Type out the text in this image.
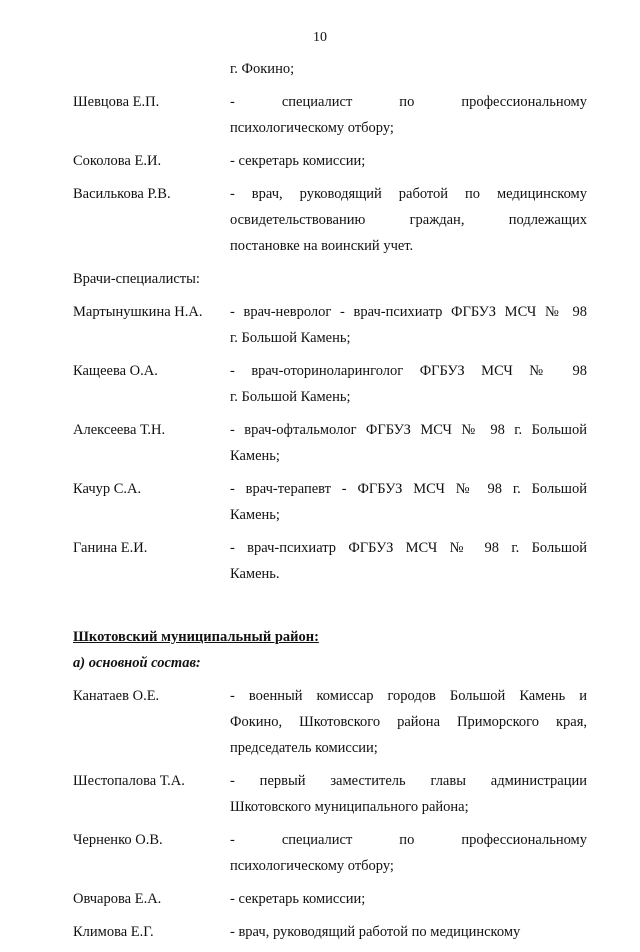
10
г. Фокино;
Шевцова Е.П.	- специалист по профессиональному
психологическому отбору;
Соколова Е.И.	- секретарь комиссии;
Василькова Р.В.	- врач, руководящий работой по медицинскому
освидетельствованию граждан, подлежащих
постановке на воинский учет.
Врачи-специалисты:
Мартынушкина Н.А.	- врач-невролог - врач-психиатр ФГБУЗ МСЧ № 98
г. Большой Камень;
Кащеева О.А.	- врач-оториноларинголог ФГБУЗ МСЧ № 98
г. Большой Камень;
Алексеева Т.Н.	- врач-офтальмолог ФГБУЗ МСЧ № 98 г. Большой
Камень;
Качур С.А.	- врач-терапевт - ФГБУЗ МСЧ № 98 г. Большой
Камень;
Ганина Е.И.	- врач-психиатр ФГБУЗ МСЧ № 98 г. Большой
Камень.
Шкотовский муниципальный район:
а) основной состав:
Канатаев О.Е.	- военный комиссар городов Большой Камень и
Фокино, Шкотовского района Приморского края,
председатель комиссии;
Шестопалова Т.А.	- первый заместитель главы администрации
Шкотовского муниципального района;
Черненко О.В.	- специалист по профессиональному
психологическому отбору;
Овчарова Е.А.	- секретарь комиссии;
Климова Е.Г.	- врач, руководящий работой по медицинскому
